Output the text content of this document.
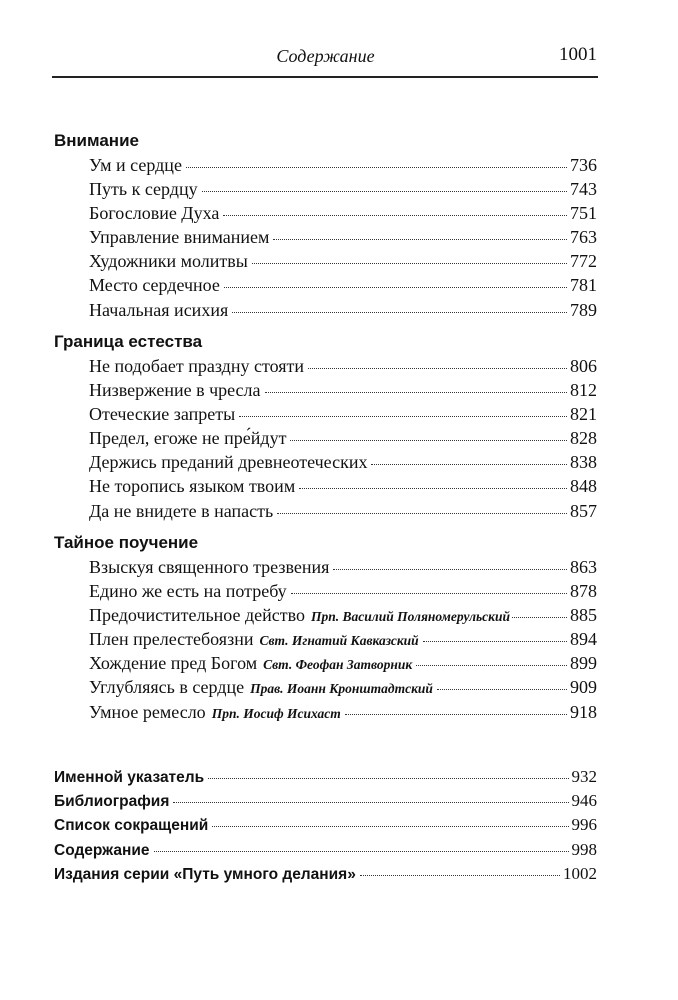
Содержание	1001
Внимание
Ум и сердце	736
Путь к сердцу	743
Богословие Духа	751
Управление вниманием	763
Художники молитвы	772
Место сердечное	781
Начальная исихия	789
Граница естества
Не подобает праздну стояти	806
Низвержение в чресла	812
Отеческие запреты	821
Предел, егоже не пре́йдут	828
Держись преданий древнеотеческих	838
Не торопись языком твоим	848
Да не внидете в напасть	857
Тайное поучение
Взыскуя священного трезвения	863
Едино же есть на потребу	878
Предочистительное действо Прп. Василий Поляномерульский	885
Плен прелестебоязни Свт. Игнатий Кавказский	894
Хождение пред Богом Свт. Феофан Затворник	899
Углубляясь в сердце Прав. Иоанн Кронштадтский	909
Умное ремесло Прп. Иосиф Исихаст	918
Именной указатель	932
Библиография	946
Список сокращений	996
Содержание	998
Издания серии «Путь умного делания»	1002
